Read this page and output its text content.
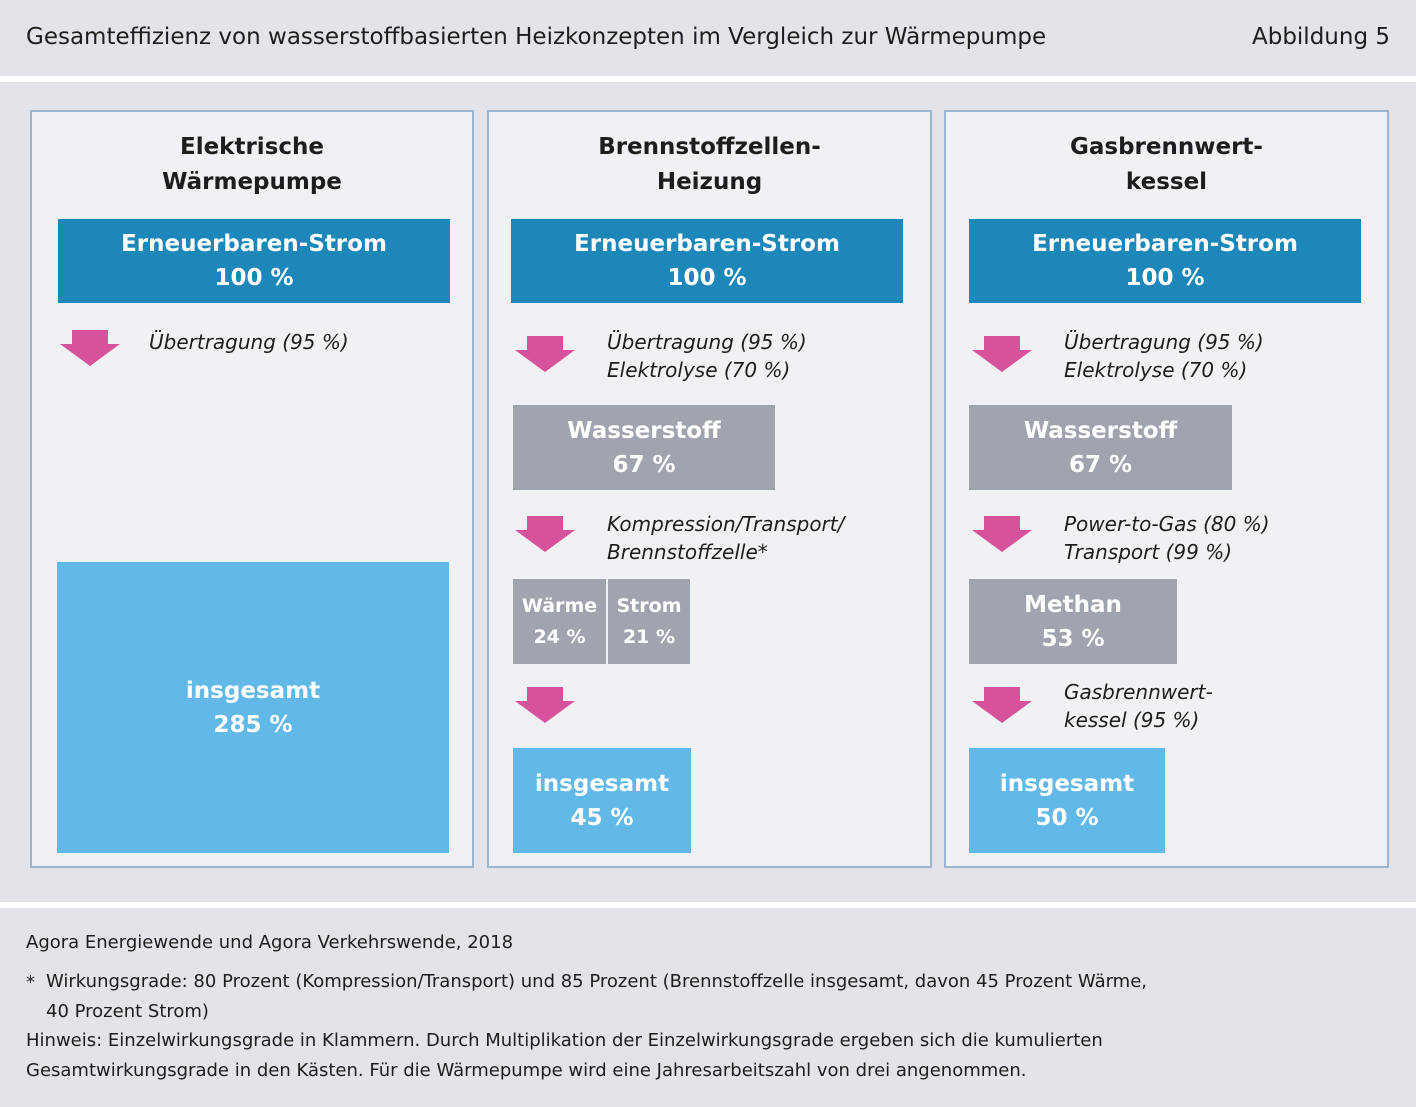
Gesamteffizienz von wasserstoffbasierten Heizkonzepten im Vergleich zur Wärmepumpe	Abbildung 5
Elektrische
Wärmepumpe
Erneuerbaren-Strom
100 %
Übertragung (95 %)
insgesamt
285 %
Brennstoffzellen-
Heizung
Erneuerbaren-Strom
100 %
Übertragung (95 %)
Elektrolyse (70 %)
Wasserstoff
67 %
Kompression/Transport/
Brennstoffzelle*
Wärme
24 %
Strom
21 %
insgesamt
45 %
Gasbrennwert-
kessel
Erneuerbaren-Strom
100 %
Übertragung (95 %)
Elektrolyse (70 %)
Wasserstoff
67 %
Power-to-Gas (80 %)
Transport (99 %)
Methan
53 %
Gasbrennwert-
kessel (95 %)
insgesamt
50 %
Agora Energiewende und Agora Verkehrswende, 2018
* Wirkungsgrade: 80 Prozent (Kompression/Transport) und 85 Prozent (Brennstoffzelle insgesamt, davon 45 Prozent Wärme,
40 Prozent Strom)
Hinweis: Einzelwirkungsgrade in Klammern. Durch Multiplikation der Einzelwirkungsgrade ergeben sich die kumulierten
Gesamtwirkungsgrade in den Kästen. Für die Wärmepumpe wird eine Jahresarbeitszahl von drei angenommen.
